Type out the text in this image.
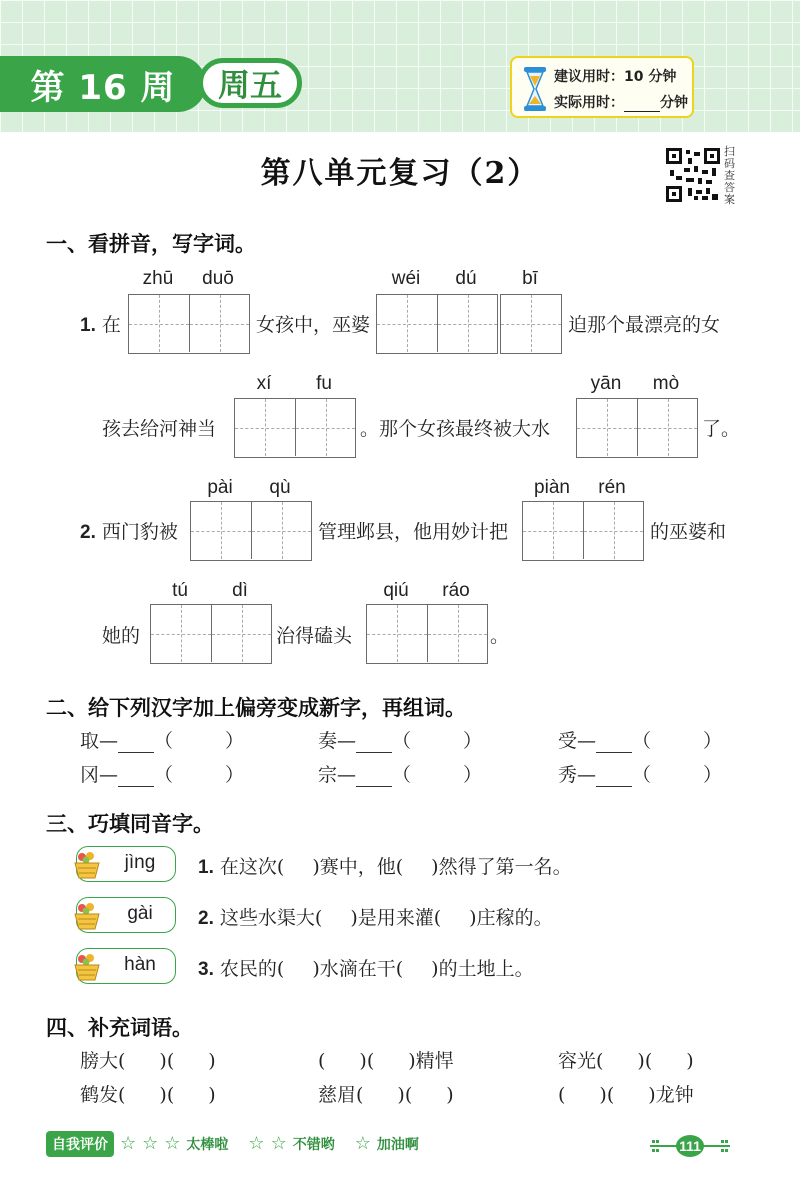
第 16 周 周五	建议用时：10 分钟
实际用时：	分钟
第八单元复习（2）
扫码查答案
一、看拼音，写字词。
zhū	duō	wéi	dú	bī
1. 在	女孩中，巫婆	迫那个最漂亮的女
xí	fu	yān	mò
孩去给河神当	。那个女孩最终被大水	了。
pài	qù	piàn	rén
2. 西门豹被	管理邺县，他用妙计把	的巫婆和
tú	dì	qiú	ráo
她的	治得磕头	。
二、给下列汉字加上偏旁变成新字，再组词。
取— （	）	奏— （	）	受— （	）
冈— （	）	宗— （	）	秀— （	）
三、巧填同音字。
jìng	1. 在这次( )赛中，他( )然得了第一名。
gài	2. 这些水渠大( )是用来灌( )庄稼的。
hàn	3. 农民的( )水滴在干( )的土地上。
四、补充词语。
膀大( )( )	( )( )精悍	容光( )( )
鹤发( )( )	慈眉( )( )	( )( )龙钟
自我评价 ☆ ☆ ☆ 太棒啦 ☆ ☆ 不错哟 ☆ 加油啊	111
